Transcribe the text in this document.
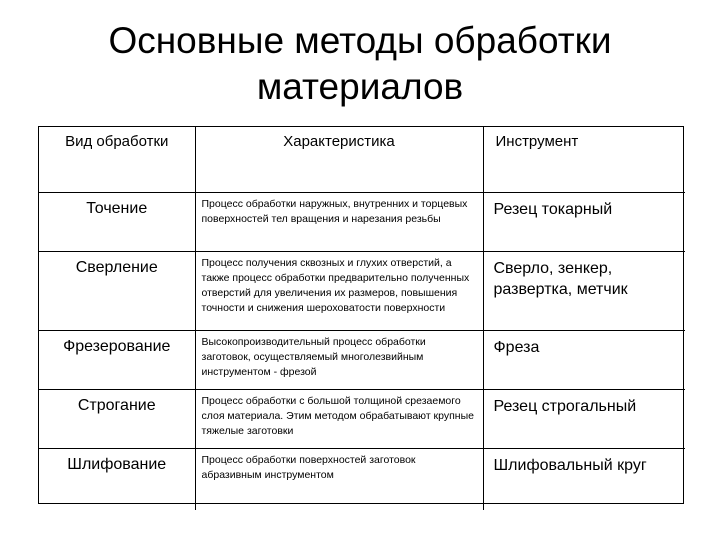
Основные методы обработки
материалов
Вид обработки	Характеристика	Инструмент
Точение	Процесс обработки наружных, внутренних и торцевых поверхностей тел вращения и нарезания резьбы	Резец токарный
Сверление	Процесс получения сквозных и глухих отверстий, а также процесс обработки предварительно полученных отверстий для увеличения их размеров, повышения точности и снижения шероховатости поверхности	Сверло, зенкер, развертка, метчик
Фрезерование	Высокопроизводительный процесс обработки заготовок, осуществляемый многолезвийным инструментом - фрезой	Фреза
Строгание	Процесс обработки с большой толщиной срезаемого слоя материала. Этим методом обрабатывают крупные тяжелые заготовки	Резец строгальный
Шлифование	Процесс обработки поверхностей заготовок абразивным инструментом	Шлифовальный круг
